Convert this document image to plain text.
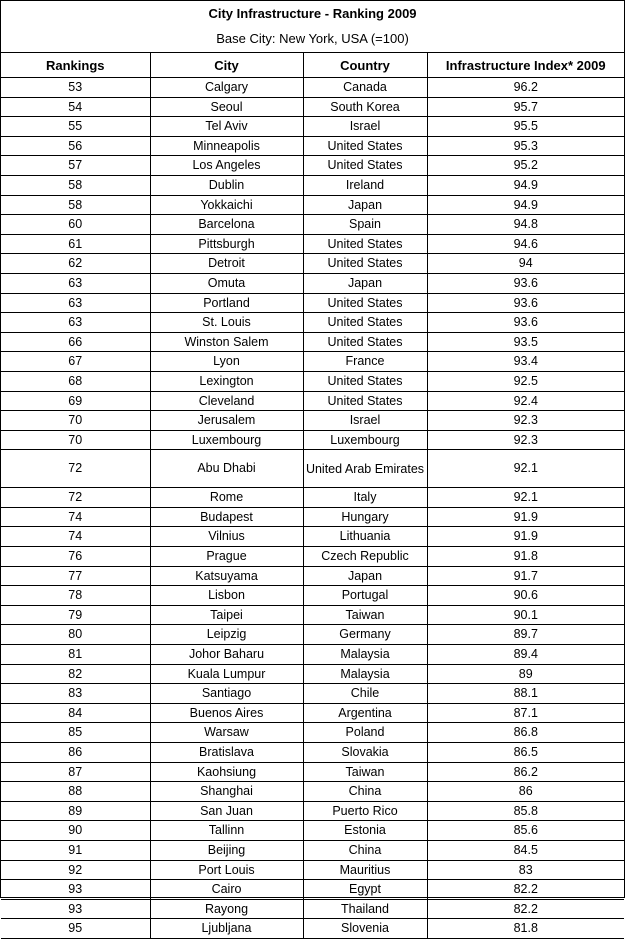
City Infrastructure - Ranking 2009
Base City: New York, USA (=100)
Rankings	City	Country	Infrastructure Index* 2009
53	Calgary	Canada	96.2
54	Seoul	South Korea	95.7
55	Tel Aviv	Israel	95.5
56	Minneapolis	United States	95.3
57	Los Angeles	United States	95.2
58	Dublin	Ireland	94.9
58	Yokkaichi	Japan	94.9
60	Barcelona	Spain	94.8
61	Pittsburgh	United States	94.6
62	Detroit	United States	94
63	Omuta	Japan	93.6
63	Portland	United States	93.6
63	St. Louis	United States	93.6
66	Winston Salem	United States	93.5
67	Lyon	France	93.4
68	Lexington	United States	92.5
69	Cleveland	United States	92.4
70	Jerusalem	Israel	92.3
70	Luxembourg	Luxembourg	92.3
72	Abu Dhabi	United Arab Emirates	92.1
72	Rome	Italy	92.1
74	Budapest	Hungary	91.9
74	Vilnius	Lithuania	91.9
76	Prague	Czech Republic	91.8
77	Katsuyama	Japan	91.7
78	Lisbon	Portugal	90.6
79	Taipei	Taiwan	90.1
80	Leipzig	Germany	89.7
81	Johor Baharu	Malaysia	89.4
82	Kuala Lumpur	Malaysia	89
83	Santiago	Chile	88.1
84	Buenos Aires	Argentina	87.1
85	Warsaw	Poland	86.8
86	Bratislava	Slovakia	86.5
87	Kaohsiung	Taiwan	86.2
88	Shanghai	China	86
89	San Juan	Puerto Rico	85.8
90	Tallinn	Estonia	85.6
91	Beijing	China	84.5
92	Port Louis	Mauritius	83
93	Cairo	Egypt	82.2
93	Rayong	Thailand	82.2
95	Ljubljana	Slovenia	81.8
